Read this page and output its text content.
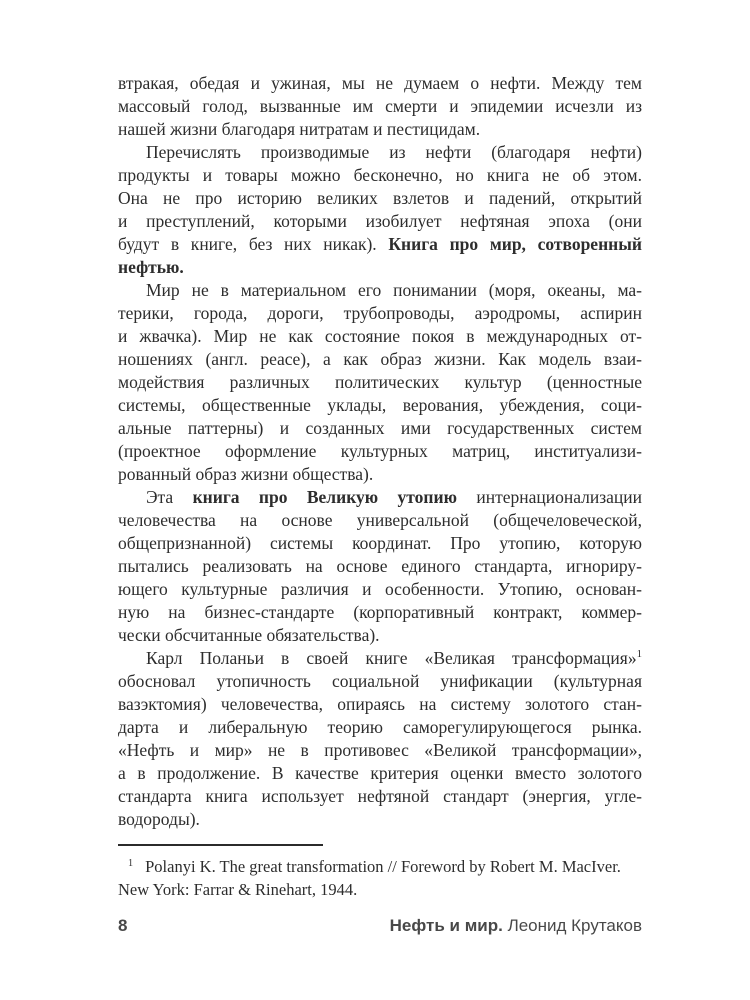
втракая, обедая и ужиная, мы не думаем о нефти. Между тем
массовый голод, вызванные им смерти и эпидемии исчезли из
нашей жизни благодаря нитратам и пестицидам.
Перечислять производимые из нефти (благодаря нефти)
продукты и товары можно бесконечно, но книга не об этом.
Она не про историю великих взлетов и падений, открытий
и преступлений, которыми изобилует нефтяная эпоха (они
будут в книге, без них никак). Книга про мир, сотворенный
нефтью.
Мир не в материальном его понимании (моря, океаны, ма-
терики, города, дороги, трубопроводы, аэродромы, аспирин
и жвачка). Мир не как состояние покоя в международных от-
ношениях (англ. peace), а как образ жизни. Как модель взаи-
модействия различных политических культур (ценностные
системы, общественные уклады, верования, убеждения, соци-
альные паттерны) и созданных ими государственных систем
(проектное оформление культурных матриц, институализи-
рованный образ жизни общества).
Эта книга про Великую утопию интернационализации
человечества на основе универсальной (общечеловеческой,
общепризнанной) системы координат. Про утопию, которую
пытались реализовать на основе единого стандарта, игнориру-
ющего культурные различия и особенности. Утопию, основан-
ную на бизнес-стандарте (корпоративный контракт, коммер-
чески обсчитанные обязательства).
Карл Поланьи в своей книге «Великая трансформация»$^1$
обосновал утопичность социальной унификации (культурная
вазэктомия) человечества, опираясь на систему золотого стан-
дарта и либеральную теорию саморегулирующегося рынка.
«Нефть и мир» не в противовес «Великой трансформации»,
а в продолжение. В качестве критерия оценки вместо золотого
стандарта книга использует нефтяной стандарт (энергия, угле-
водороды).
$^1$ Polanyi K. The great transformation // Foreword by Robert M. MacIver.
New York: Farrar & Rinehart, 1944.
8	Нефть и мир. Леонид Крутаков
